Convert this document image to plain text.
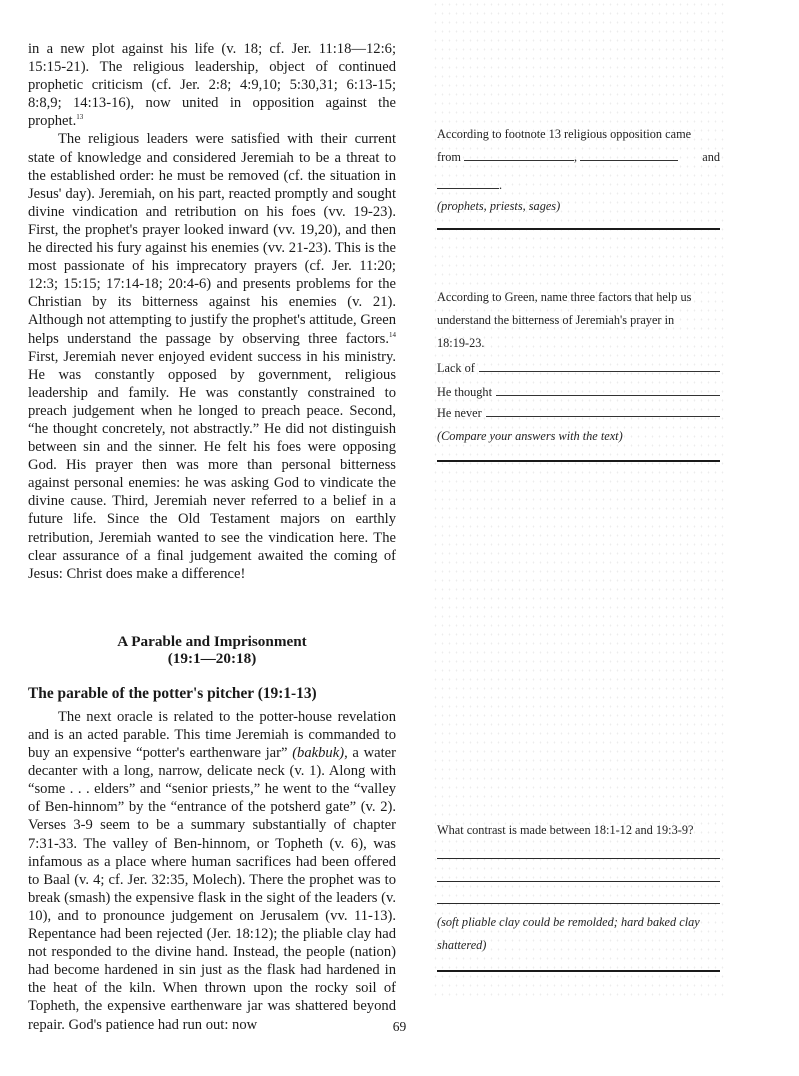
in a new plot against his life (v. 18; cf. Jer. 11:18—12:6; 15:15-21). The religious leadership, object of continued prophetic criticism (cf. Jer. 2:8; 4:9,10; 5:30,31; 6:13-15; 8:8,9; 14:13-16), now united in opposition against the prophet.$^{13}$

The religious leaders were satisfied with their current state of knowledge and considered Jeremiah to be a threat to the established order: he must be removed (cf. the situation in Jesus' day). Jeremiah, on his part, reacted promptly and sought divine vindication and retribution on his foes (vv. 19-23). First, the prophet's prayer looked inward (vv. 19,20), and then he directed his fury against his enemies (vv. 21-23). This is the most passionate of his imprecatory prayers (cf. Jer. 11:20; 12:3; 15:15; 17:14-18; 20:4-6) and presents problems for the Christian by its bitterness against his enemies (v. 21). Although not attempting to justify the prophet's attitude, Green helps understand the passage by observing three factors.$^{14}$ First, Jeremiah never enjoyed evident success in his ministry. He was constantly opposed by government, religious leadership and family. He was constantly constrained to preach judgement when he longed to preach peace. Second, “he thought concretely, not abstractly.” He did not distinguish between sin and the sinner. He felt his foes were opposing God. His prayer then was more than personal bitterness against personal enemies: he was asking God to vindicate the divine cause. Third, Jeremiah never referred to a belief in a future life. Since the Old Testament majors on earthly retribution, Jeremiah wanted to see the vindication here. The clear assurance of a final judgement awaited the coming of Jesus: Christ does make a difference!

A Parable and Imprisonment

(19:1—20:18)

The parable of the potter's pitcher (19:1-13)

The next oracle is related to the potter-house revelation and is an acted parable. This time Jeremiah is commanded to buy an expensive “potter's earthenware jar” (bakbuk), a water decanter with a long, narrow, delicate neck (v. 1). Along with “some . . . elders” and “senior priests,” he went to the “valley of Ben-hinnom” by the “entrance of the potsherd gate” (v. 2). Verses 3-9 seem to be a summary substantially of chapter 7:31-33. The valley of Ben-hinnom, or Topheth (v. 6), was infamous as a place where human sacrifices had been offered to Baal (v. 4; cf. Jer. 32:35, Molech). There the prophet was to break (smash) the expensive flask in the sight of the leaders (v. 10), and to pronounce judgement on Jerusalem (vv. 11-13). Repentance had been rejected (Jer. 18:12); the pliable clay had not responded to the divine hand. Instead, the people (nation) had become hardened in sin just as the flask had hardened in the heat of the kiln. When thrown upon the rocky soil of Topheth, the expensive earthenware jar was shattered beyond repair. God's patience had run out: now

According to footnote 13 religious opposition came
from	,	and
.
(prophets, priests, sages)
According to Green, name three factors that help us
understand the bitterness of Jeremiah's prayer in
18:19-23.
Lack of
He thought
He never
(Compare your answers with the text)
What contrast is made between 18:1-12 and 19:3-9?
(soft pliable clay could be remolded; hard baked clay
shattered)
69
